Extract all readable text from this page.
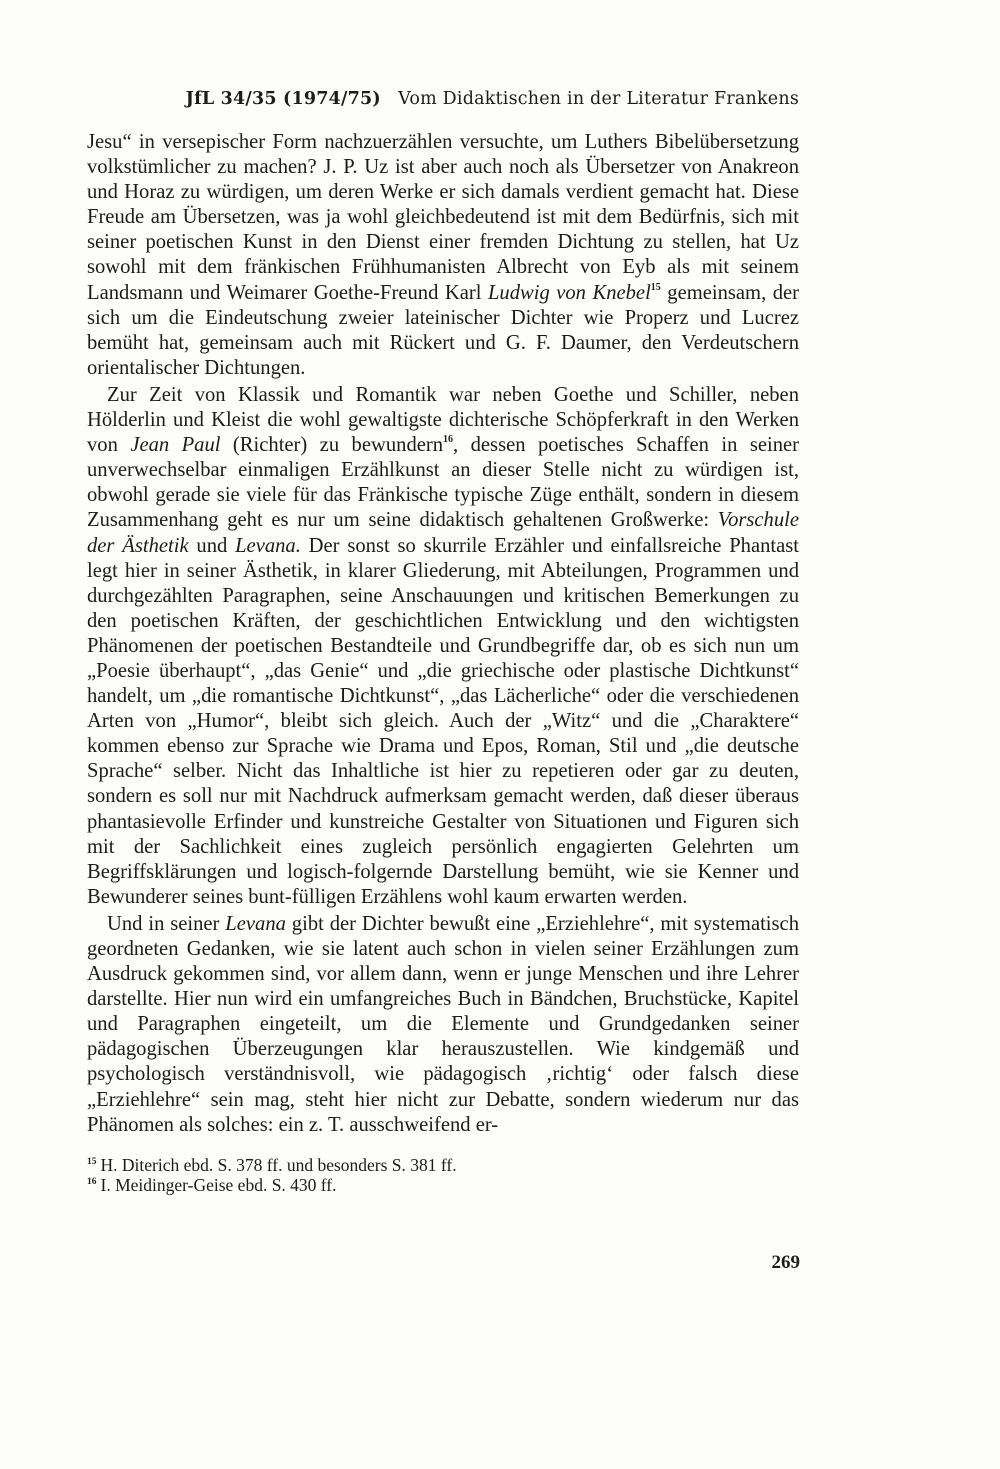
JfL 34/35 (1974/75) Vom Didaktischen in der Literatur Frankens

Jesu“ in versepischer Form nachzuerzählen versuchte, um Luthers Bibelübersetzung volkstümlicher zu machen? J. P. Uz ist aber auch noch als Übersetzer von Anakreon und Horaz zu würdigen, um deren Werke er sich damals verdient gemacht hat. Diese Freude am Übersetzen, was ja wohl gleichbedeutend ist mit dem Bedürfnis, sich mit seiner poetischen Kunst in den Dienst einer fremden Dichtung zu stellen, hat Uz sowohl mit dem fränkischen Frühhumanisten Albrecht von Eyb als mit seinem Landsmann und Weimarer Goethe-Freund Karl Ludwig von Knebel$^{15}$ gemeinsam, der sich um die Eindeutschung zweier lateinischer Dichter wie Properz und Lucrez bemüht hat, gemeinsam auch mit Rückert und G. F. Daumer, den Verdeutschern orientalischer Dichtungen.

Zur Zeit von Klassik und Romantik war neben Goethe und Schiller, neben Hölderlin und Kleist die wohl gewaltigste dichterische Schöpferkraft in den Werken von Jean Paul (Richter) zu bewundern$^{16}$, dessen poetisches Schaffen in seiner unverwechselbar einmaligen Erzählkunst an dieser Stelle nicht zu würdigen ist, obwohl gerade sie viele für das Fränkische typische Züge enthält, sondern in diesem Zusammenhang geht es nur um seine didaktisch gehaltenen Großwerke: Vorschule der Ästhetik und Levana. Der sonst so skurrile Erzähler und einfallsreiche Phantast legt hier in seiner Ästhetik, in klarer Gliederung, mit Abteilungen, Programmen und durchgezählten Paragraphen, seine Anschauungen und kritischen Bemerkungen zu den poetischen Kräften, der geschichtlichen Entwicklung und den wichtigsten Phänomenen der poetischen Bestandteile und Grundbegriffe dar, ob es sich nun um „Poesie überhaupt“, „das Genie“ und „die griechische oder plastische Dichtkunst“ handelt, um „die romantische Dichtkunst“, „das Lächerliche“ oder die verschiedenen Arten von „Humor“, bleibt sich gleich. Auch der „Witz“ und die „Charaktere“ kommen ebenso zur Sprache wie Drama und Epos, Roman, Stil und „die deutsche Sprache“ selber. Nicht das Inhaltliche ist hier zu repetieren oder gar zu deuten, sondern es soll nur mit Nachdruck aufmerksam gemacht werden, daß dieser überaus phantasievolle Erfinder und kunstreiche Gestalter von Situationen und Figuren sich mit der Sachlichkeit eines zugleich persönlich engagierten Gelehrten um Begriffsklärungen und logisch-folgernde Darstellung bemüht, wie sie Kenner und Bewunderer seines bunt-fülligen Erzählens wohl kaum erwarten werden.

Und in seiner Levana gibt der Dichter bewußt eine „Erziehlehre“, mit systematisch geordneten Gedanken, wie sie latent auch schon in vielen seiner Erzählungen zum Ausdruck gekommen sind, vor allem dann, wenn er junge Menschen und ihre Lehrer darstellte. Hier nun wird ein umfangreiches Buch in Bändchen, Bruchstücke, Kapitel und Paragraphen eingeteilt, um die Elemente und Grundgedanken seiner pädagogischen Überzeugungen klar herauszustellen. Wie kindgemäß und psychologisch verständnisvoll, wie pädagogisch ‚richtig‘ oder falsch diese „Erziehlehre“ sein mag, steht hier nicht zur Debatte, sondern wiederum nur das Phänomen als solches: ein z. T. ausschweifend er-

$^{15}$ H. Diterich ebd. S. 378 ff. und besonders S. 381 ff.
$^{16}$ I. Meidinger-Geise ebd. S. 430 ff.
269
